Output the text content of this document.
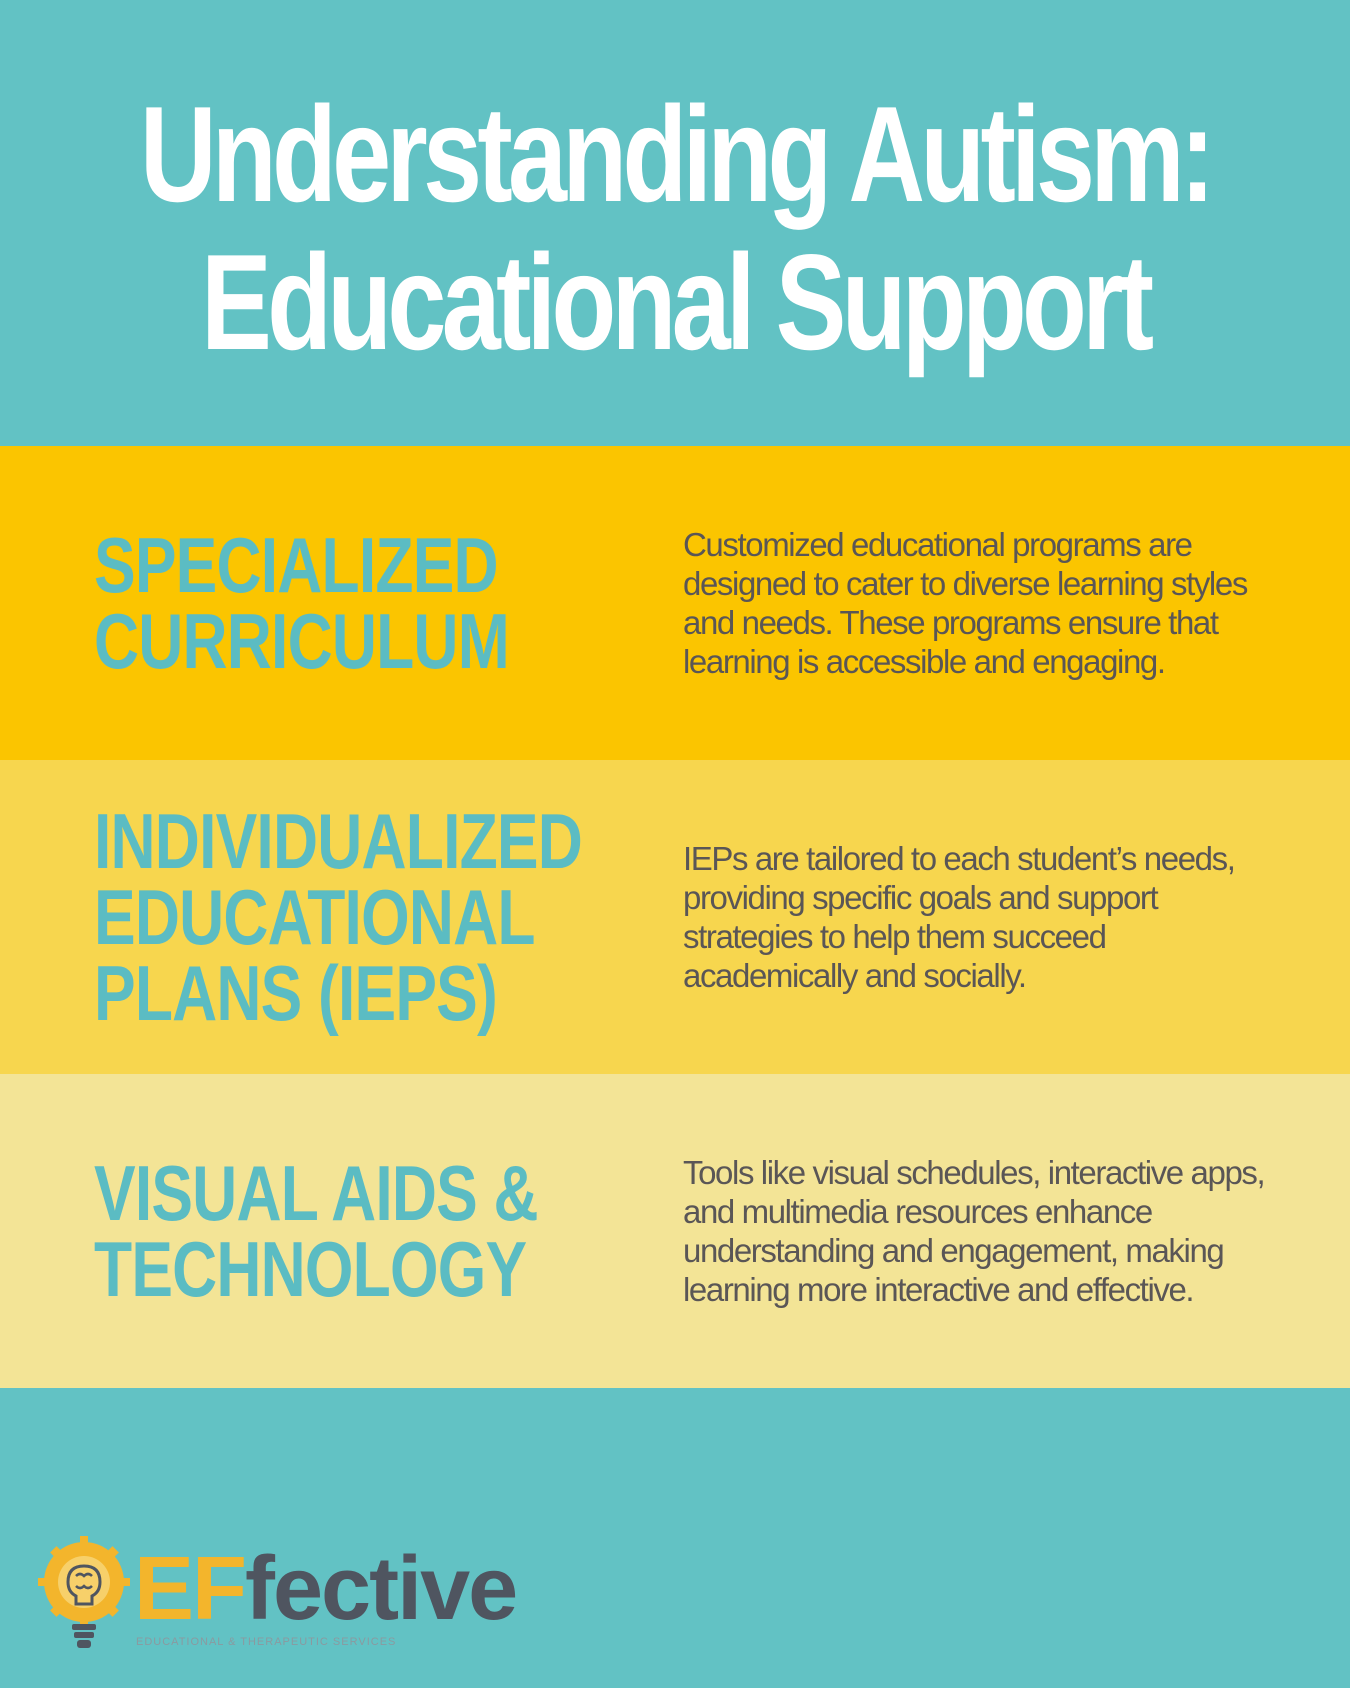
Understanding Autism:
Educational Support
SPECIALIZED
CURRICULUM

Customized educational programs are designed to cater to diverse learning styles and needs. These programs ensure that learning is accessible and engaging.

INDIVIDUALIZED
EDUCATIONAL
PLANS (IEPS)

IEPs are tailored to each student’s needs, providing specific goals and support strategies to help them succeed academically and socially.

VISUAL AIDS &
TECHNOLOGY

Tools like visual schedules, interactive apps, and multimedia resources enhance understanding and engagement, making learning more interactive and effective.

EFfective
EDUCATIONAL & THERAPEUTIC SERVICES
